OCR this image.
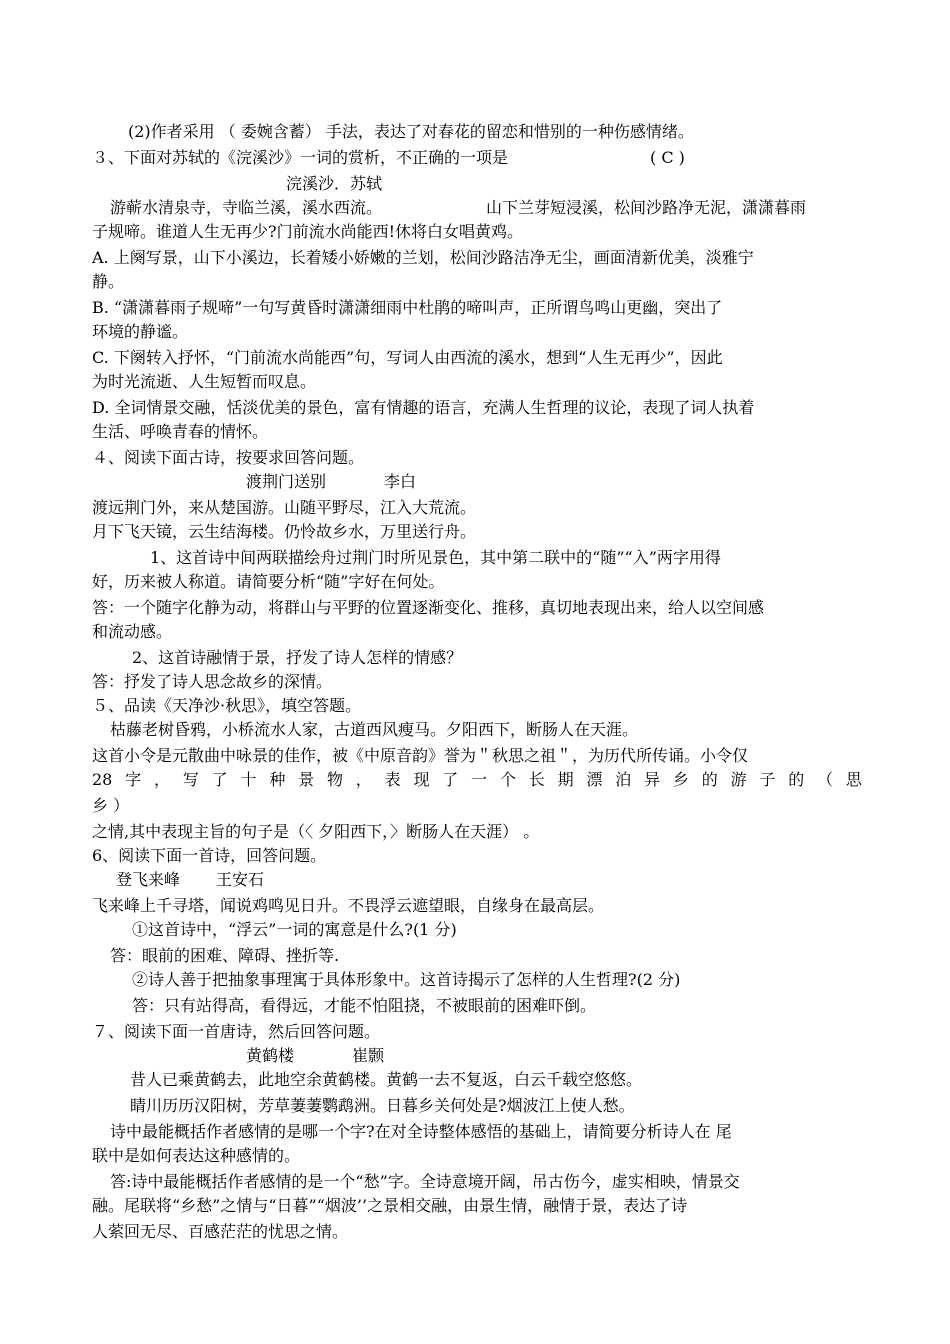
(2)作者采用 （ 委婉含蓄） 手法，表达了对春花的留恋和惜别的一种伤感情绪。
３、下面对苏轼的《浣溪沙》一词的赏析，不正确的一项是	( C )
浣溪沙．苏轼
游蕲水清泉寺，寺临兰溪，溪水西流。	山下兰芽短浸溪，松间沙路净无泥，潇潇暮雨
子规啼。谁道人生无再少?门前流水尚能西!休将白女唱黄鸡。
A. 上阕写景，山下小溪边，长着矮小娇嫩的兰划，松间沙路洁净无尘，画面清新优美，淡雅宁
静。
B. “潇潇暮雨子规啼”一句写黄昏时潇潇细雨中杜鹃的啼叫声，正所谓鸟鸣山更幽，突出了
环境的静谧。
C. 下阕转入抒怀，“门前流水尚能西”句，写词人由西流的溪水，想到“人生无再少”，因此
为时光流逝、人生短暂而叹息。
D. 全词情景交融，恬淡优美的景色，富有情趣的语言，充满人生哲理的议论，表现了词人执着
生活、呼唤青春的情怀。
４、阅读下面古诗，按要求回答问题。
渡荆门送别	李白
渡远荆门外，来从楚国游。山随平野尽，江入大荒流。
月下飞天镜，云生结海楼。仍怜故乡水，万里送行舟。
1、这首诗中间两联描绘舟过荆门时所见景色，其中第二联中的“随”“入”两字用得
好，历来被人称道。请简要分析“随”字好在何处。
答：一个随字化静为动，将群山与平野的位置逐渐变化、推移，真切地表现出来，给人以空间感
和流动感。
2、这首诗融情于景，抒发了诗人怎样的情感？
答：抒发了诗人思念故乡的深情。
５、品读《天净沙·秋思》，填空答题。
枯藤老树昏鸦，小桥流水人家，古道西风瘦马。夕阳西下，断肠人在天涯。
这首小令是元散曲中咏景的佳作，被《中原音韵》誉为＂秋思之祖＂，为历代所传诵。小令仅
28 字 ， 写 了 十 种 景 物 ， 表 现 了 一 个 长 期 漂 泊 异 乡 的 游 子 的 （ 思
乡 ）
之情,其中表现主旨的句子是（〈 夕阳西下，〉断肠人在天涯） 。
6、阅读下面一首诗，回答问题。
登飞来峰 王安石
飞来峰上千寻塔，闻说鸡鸣见日升。不畏浮云遮望眼，自缘身在最高层。
①这首诗中，“浮云”一词的寓意是什么?(1 分)
答：眼前的困难、障碍、挫折等.
②诗人善于把抽象事理寓于具体形象中。这首诗揭示了怎样的人生哲理?(2 分)
答：只有站得高，看得远，才能不怕阻挠，不被眼前的困难吓倒。
７、阅读下面一首唐诗，然后回答问题。
黄鹤楼	崔颢
昔人已乘黄鹤去，此地空余黄鹤楼。黄鹤一去不复返，白云千载空悠悠。
睛川历历汉阳树，芳草萋萋鹦鹉洲。日暮乡关何处是?烟波江上使人愁。
诗中最能概括作者感情的是哪一个字?在对全诗整体感悟的基础上，请简要分析诗人在 尾
联中是如何表达这种感情的。
答:诗中最能概括作者感情的是一个“愁”字。全诗意境开阔，吊古伤今，虚实相映，情景交
融。尾联将“乡愁”之情与“日暮”“烟波’’之景相交融，由景生情，融情于景，表达了诗
人萦回无尽、百感茫茫的忧思之情。
